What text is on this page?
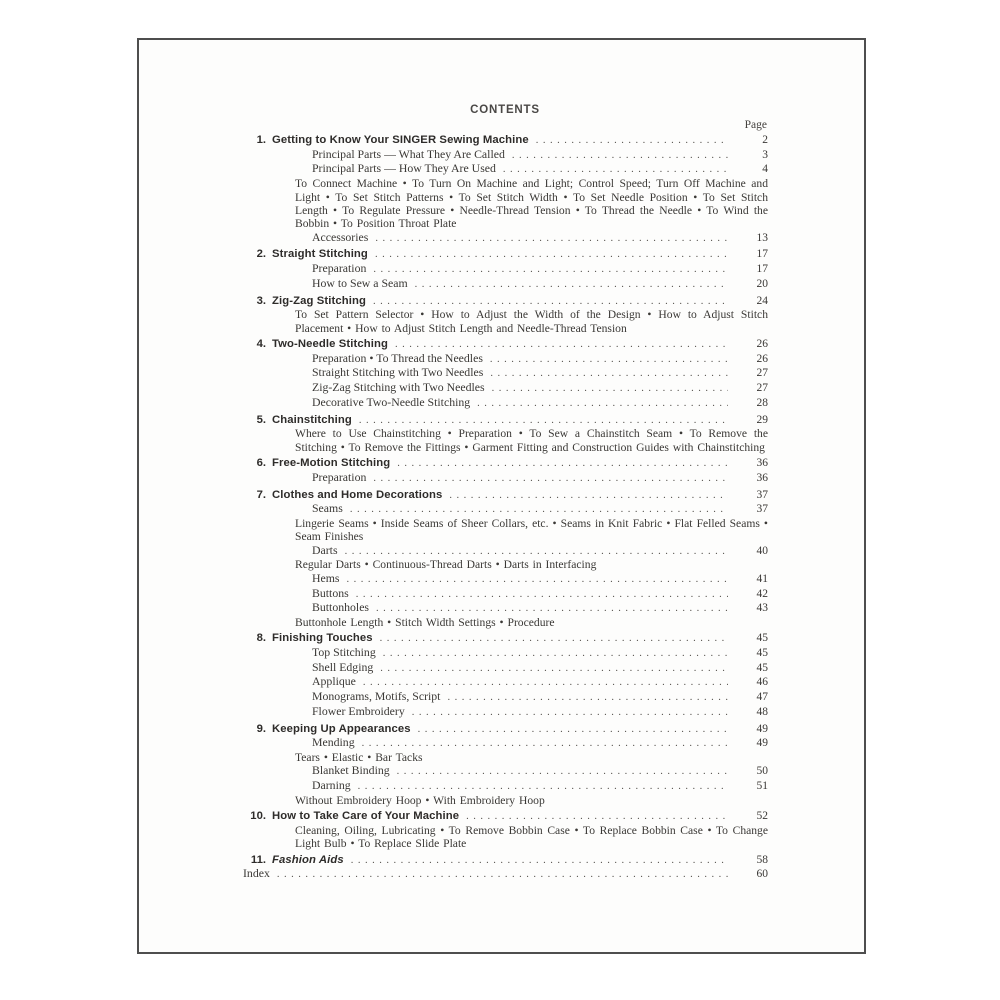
CONTENTS
Page
1. Getting to Know Your SINGER Sewing Machine .....	2
Principal Parts — What They Are Called .....	3
Principal Parts — How They Are Used .....	4
To Connect Machine • To Turn On Machine and Light; Control Speed; Turn Off Machine and Light • To Set Stitch Patterns • To Set Stitch Width • To Set Needle Position • To Set Stitch Length • To Regulate Pressure • Needle-Thread Tension • To Thread the Needle • To Wind the Bobbin • To Position Throat Plate
Accessories .....	13
2. Straight Stitching .....	17
Preparation .....	17
How to Sew a Seam .....	20
3. Zig-Zag Stitching .....	24
To Set Pattern Selector • How to Adjust the Width of the Design • How to Adjust Stitch Placement • How to Adjust Stitch Length and Needle-Thread Tension
4. Two-Needle Stitching .....	26
Preparation • To Thread the Needles .....	26
Straight Stitching with Two Needles .....	27
Zig-Zag Stitching with Two Needles .....	27
Decorative Two-Needle Stitching .....	28
5. Chainstitching .....	29
Where to Use Chainstitching • Preparation • To Sew a Chainstitch Seam • To Remove the Stitching • To Remove the Fittings • Garment Fitting and Construction Guides with Chainstitching
6. Free-Motion Stitching .....	36
Preparation .....	36
7. Clothes and Home Decorations .....	37
Seams .....	37
Lingerie Seams • Inside Seams of Sheer Collars, etc. • Seams in Knit Fabric • Flat Felled Seams • Seam Finishes
Darts .....	40
Regular Darts • Continuous-Thread Darts • Darts in Interfacing
Hems .....	41
Buttons .....	42
Buttonholes .....	43
Buttonhole Length • Stitch Width Settings • Procedure
8. Finishing Touches .....	45
Top Stitching .....	45
Shell Edging .....	45
Applique .....	46
Monograms, Motifs, Script .....	47
Flower Embroidery .....	48
9. Keeping Up Appearances .....	49
Mending .....	49
Tears • Elastic • Bar Tacks
Blanket Binding .....	50
Darning .....	51
Without Embroidery Hoop • With Embroidery Hoop
10. How to Take Care of Your Machine .....	52
Cleaning, Oiling, Lubricating • To Remove Bobbin Case • To Replace Bobbin Case • To Change Light Bulb • To Replace Slide Plate
11. Fashion Aids .....	58
Index .....	60
